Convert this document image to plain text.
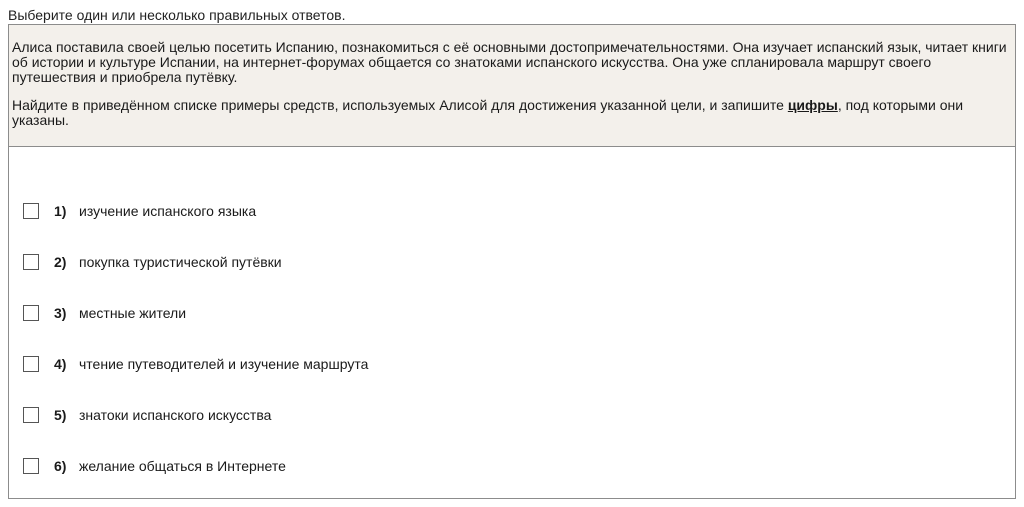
Выберите один или несколько правильных ответов.

Алиса поставила своей целью посетить Испанию, познакомиться с её основными достопримечательностями. Она изучает испанский язык, читает книги об истории и культуре Испании, на интернет-форумах общается со знатоками испанского искусства. Она уже спланировала маршрут своего путешествия и приобрела путёвку.

Найдите в приведённом списке примеры средств, используемых Алисой для достижения указанной цели, и запишите цифры, под которыми они указаны.

1) изучение испанского языка
2) покупка туристической путёвки
3) местные жители
4) чтение путеводителей и изучение маршрута
5) знатоки испанского искусства
6) желание общаться в Интернете
